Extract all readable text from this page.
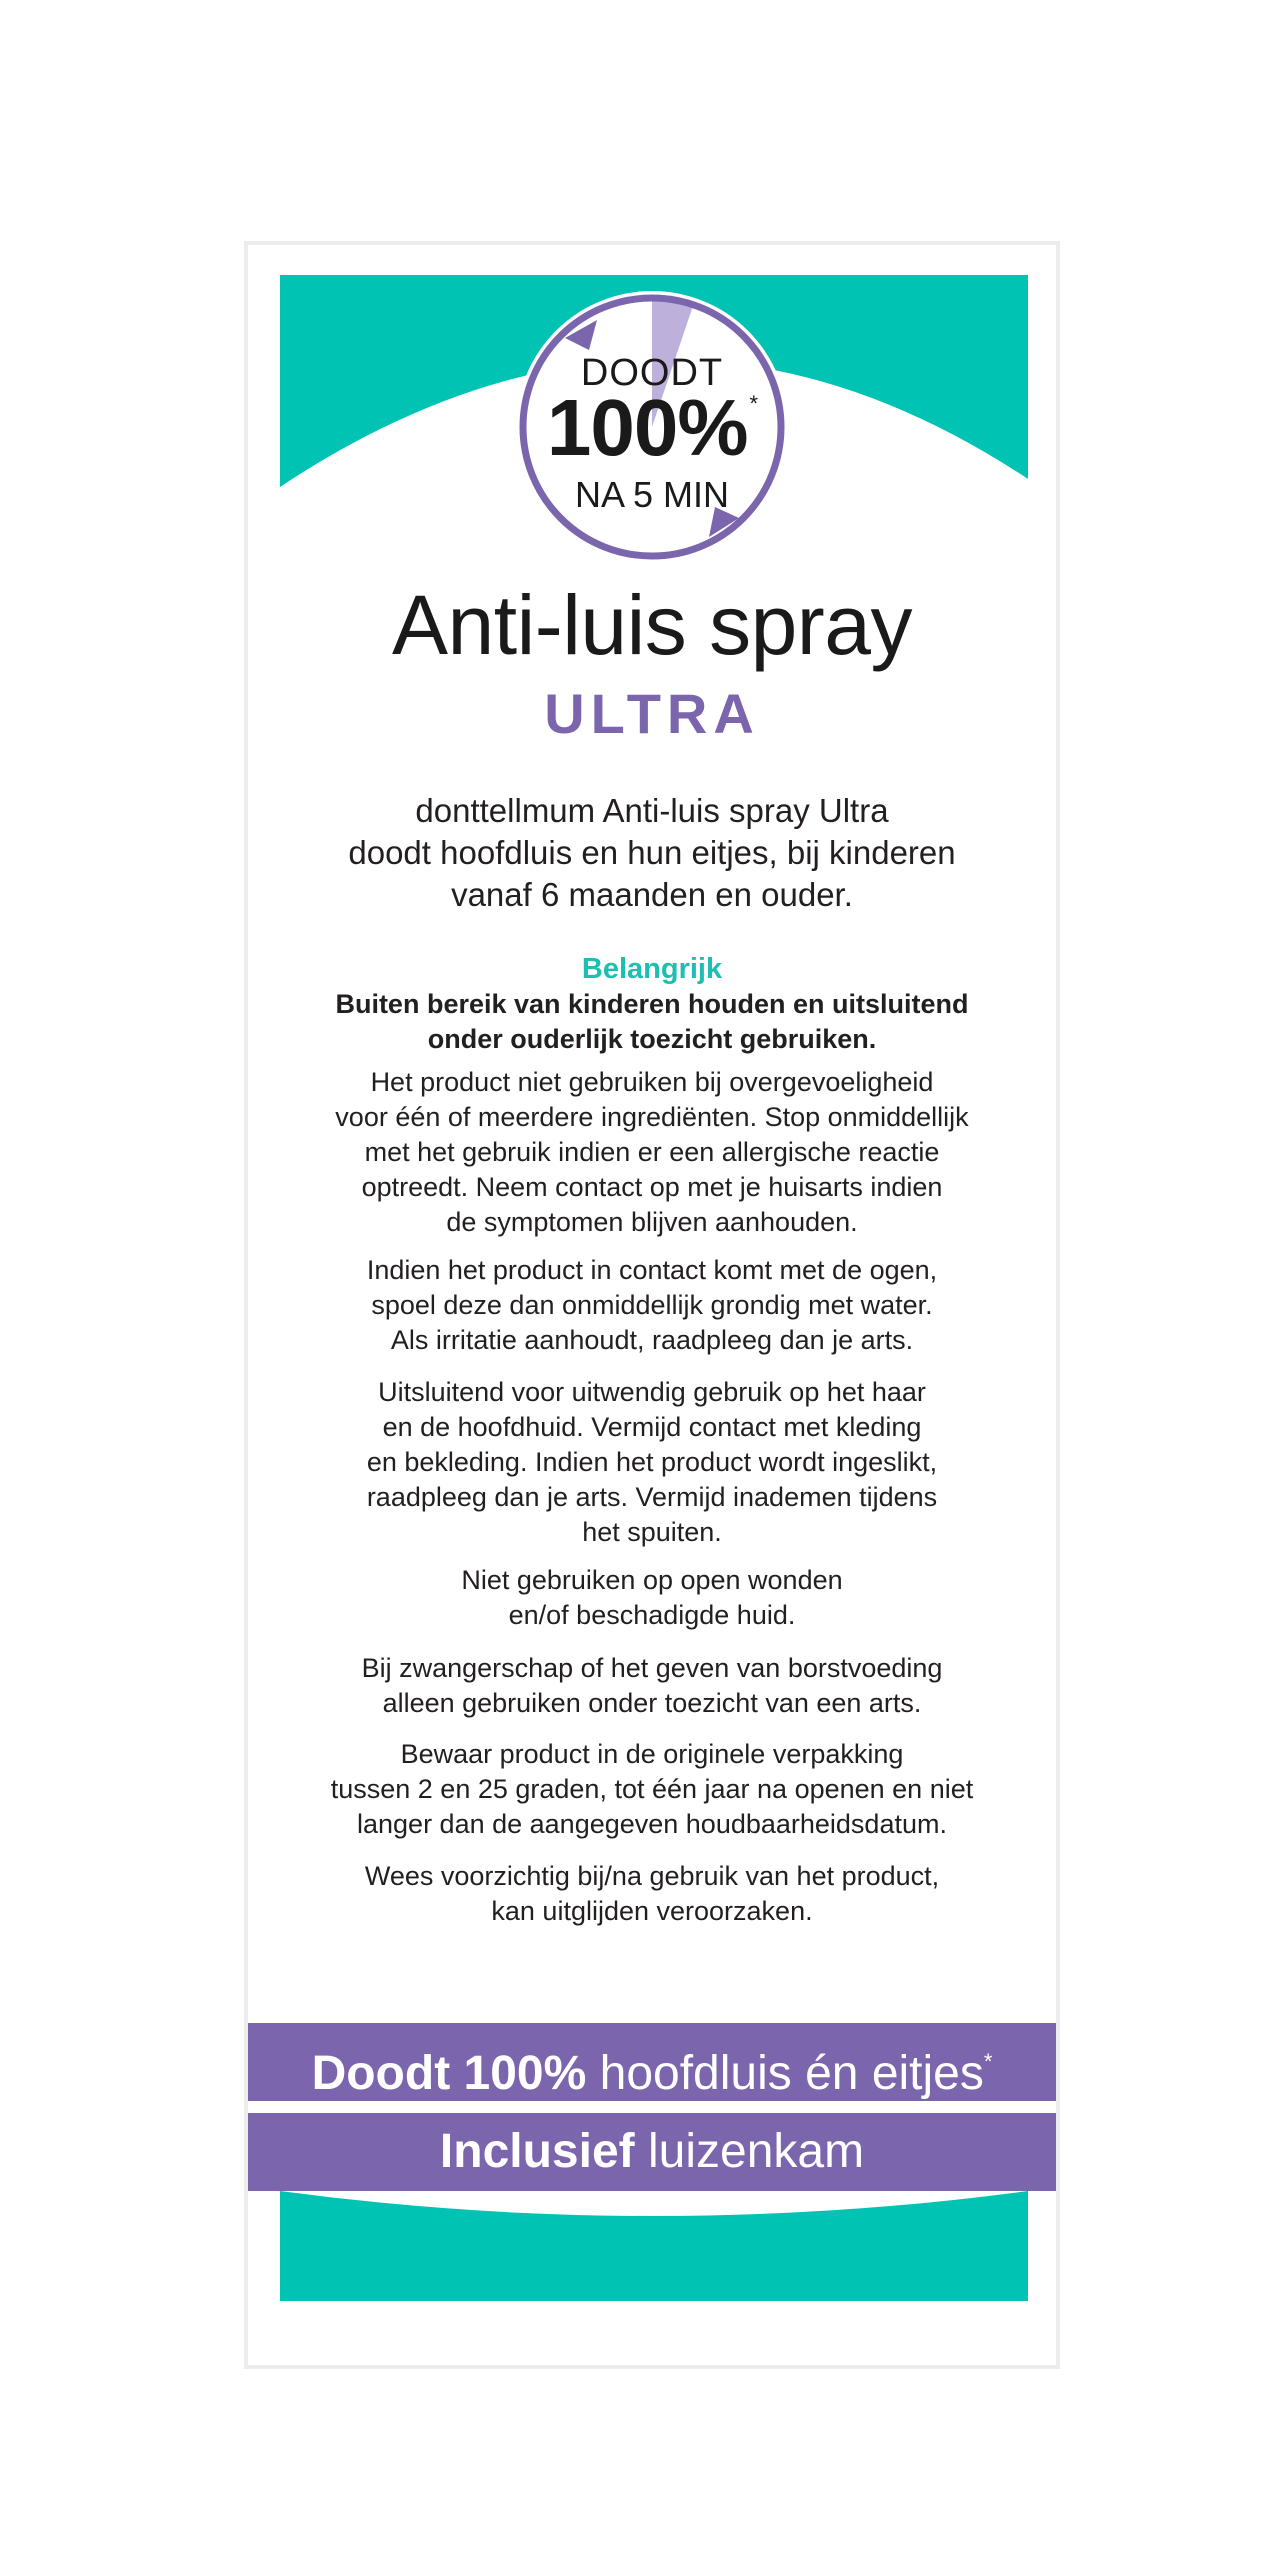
DOODT
100%*
NA 5 MIN
Anti-luis spray
ULTRA
donttellmum Anti-luis spray Ultra
doodt hoofdluis en hun eitjes, bij kinderen
vanaf 6 maanden en ouder.
Belangrijk
Buiten bereik van kinderen houden en uitsluitend
onder ouderlijk toezicht gebruiken.
Het product niet gebruiken bij overgevoeligheid
voor één of meerdere ingrediënten. Stop onmiddellijk
met het gebruik indien er een allergische reactie
optreedt. Neem contact op met je huisarts indien
de symptomen blijven aanhouden.
Indien het product in contact komt met de ogen,
spoel deze dan onmiddellijk grondig met water.
Als irritatie aanhoudt, raadpleeg dan je arts.
Uitsluitend voor uitwendig gebruik op het haar
en de hoofdhuid. Vermijd contact met kleding
en bekleding. Indien het product wordt ingeslikt,
raadpleeg dan je arts. Vermijd inademen tijdens
het spuiten.
Niet gebruiken op open wonden
en/of beschadigde huid.
Bij zwangerschap of het geven van borstvoeding
alleen gebruiken onder toezicht van een arts.
Bewaar product in de originele verpakking
tussen 2 en 25 graden, tot één jaar na openen en niet
langer dan de aangegeven houdbaarheidsdatum.
Wees voorzichtig bij/na gebruik van het product,
kan uitglijden veroorzaken.
Doodt 100% hoofdluis én eitjes*
Inclusief luizenkam
